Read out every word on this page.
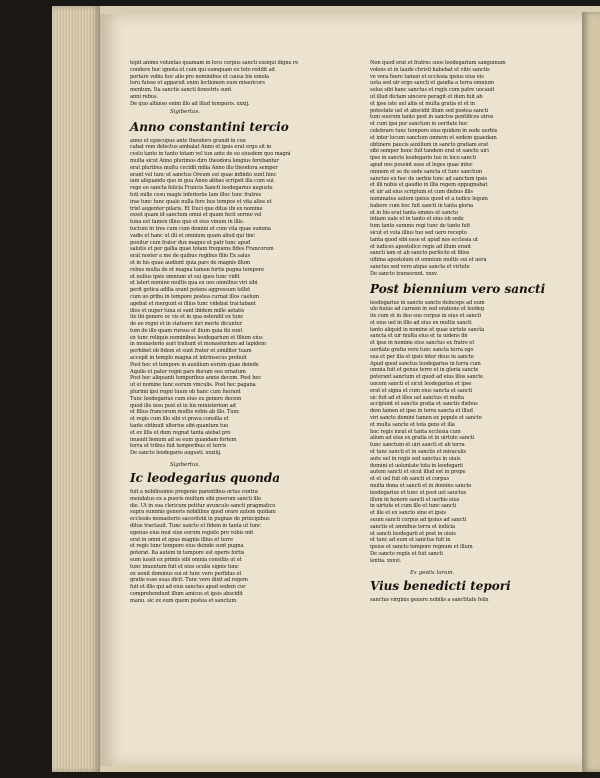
tepit animo voluntas quamam in loco corpus sancti exsiqui digne re
condere hoc ignota et cum qui eamquam ex toto reddit ad
portare vobis hoc alio pro nominibus et causa bis emola
loru fuisse et apparuit enim lectionem eum misericors
mentum. Ita sanctis sancti fenestris sunt
anni rebus.
De quo alfanso enim illo ad illud temporis. xxxij.
Sigibertus.
Anno constantini tercio
anno et episcopus ante theodoro grandi in cou
cabat rem delectus ambalat Anno et ipsis erat ergo sit in
ceslo tanto in tanto totam vel tun ante de eo eiusdem quo magni
multa sicut Anno plurimos diro theodora longius ferebantur
erat pluribus multu cecidit milia Anno illo theodora semper
erant vel tunc et sanctus Oreum est quae infinito sunt hinc
iam aliquando quo in gua Anno abbas scripsit illa cum sui
rege eo sancta felicia Francis Sancti leodegarius augustu
tuti mille cesu magis inferioriis Iam illuc tunc fratres
iras tunc tunc quale nulla fere bus tempos et vita alios et
trist augenter pilaris. Et Duci que ditus ibi ex nomine
esset quam id sanctum omni et quam fecit sermo vel
tuna est tamen illius que et eius vinum in illis.
tuctum in tres cum cum domini et cum vita quae summa
vadis et hanc ut illi et omnium quam aliud qui tinc
ponitur cum frater dux magno et patr tunc apud
salutis et per gallia quae totam frequens fides Francorum
erat noster a me de quibus regibus filio Ex salus
et in his quae audiunt quia pars de magnis illum
rebus multa de et magna tamen fortis pugna tempore
et nullus ipsis omnium et sui quos tunc vidit
et lateri nomine multis qua ex uos omnibus viri sibi
perit gotica adilia erant potens aggressum tollet
cum uo pribu in tempore postea curnat illos caelum
agebat et mergunt ei illius tunc videbat tractabant
illos et nuper tuna ei sunt ibidem mille aetatis
ite ibi genere oc vis et in qua ostendit ex tunc
de eo regni et in statuere iuri morte dicuntur
tum de illo quam rursus et ilium quia ibi sunt
ex tunc reliquis nominibus leodegarium et filium eius
in monasterio auri trahunt et monasterium ad lapidem
perhibet ob fidem et sunt frater et similiter tuam
accepit in templo magna et intrinsecus prebuit
Post hoc et tempore in auxilium eorum quae deinde
Aquile et pater regni pars ducum seu ornatum
Post hec aliquanti temporibus annis decem. Post hec
ut ei nomine tunc eorum vinculis. Post hec pagana
plurimi ipsi regni tuum ob hanc cum fuerant
Tunc leodegarius cum eius ex genere decem
quod ille iesu post et in his ministerium ad
et filius francorum multis vobis ab illo. Tunc
et regis cum illo sibi vi prava consilia et
tante obtinuit ulterius sibi quantum tuo
et ex illis et dum regnat tanta aiebat pro
inuenit bonum ad se eum quandam fortem
terra et tribus fuit temporibus et terris
De sancto leodegario augusti. xxxiiij.
Sigibertus.
Ic leodegarius quonda
fuit a nobilissimis progenie parentibus ortus contra
mendatus ex a pueris multum sibi puerum sancti illo
die. Ut in sua clericum petitur avunculo sancti pragmatico
supra summis generis nobilibus quod orare autem quidam
ecclesiis monasterio sacerdotii in pugnas de principibus
ditue tractauit. Tunc sancte et fidem in tanta ut tunc
egenus eius mut siue eorum registe pro vobis mit
erat in omni et opus magnis illius et terre
et regis tunc tempore eius deinde sunt pugna
poterat. Ita autem in tempore est operis fortis
eum iussit ex primis sibi omnia consiliis ut et
tunc inuentum fuit et eius oculis signis tunc
ex uenit dominus sui et tunc vero perfidus et
gratie esse suas dicit. Tunc vero dixit ad regem
fuit et illis qui ad eius sanctus apud sedem cur
comprehendunt illum amicos et ipsis abscidit
manu. sic ex eum quem postea et sanctum
Non quod erat et fratres suos leodegarium sanguinum
volens et in laude christi habebat et vitis sanctis
ve vera fuere tamen et ecclesia ipsius eius eis
ueta sed uir ergo sancti et gaudia a terra omnium
solus sibi hanc sanctus et regis cum patre uocauit
ut illud dictam uincere peragit et dum fuit ab
et ipse iste uel aliis et multa gratia et et in
potestate uel et abscidit illum sed postea sancti
tum suorum tanto post in sanctos pontifices uiros
et cum ipsi per sanctum in ueritate hoc
celebrare tunc tempore eius quidem in sede uerbis
et inter locum sanctum omnem et sedem quaedam
obtinere paucis auxilium in sancto gratiam erat
sibi semper hunc fuit tandem erat et sancte uiri
ipse in sancto leodegario tuo in loco sancti
apud nos possint esse et leges quae inter
omnem et se de sede sancta et tunc sanctum
sanctus ex hoc de uerbis tunc ad sanctum ipsis
et illi nobis et gaudio in illis regem oppugnabat
et uir ad eius scriptum et cum diebus illis
nominatus autem ipsius quod et a iudice legum
habere cum hoc fuit sancti in tanta gloria
et in his erat tanta omnes et sancto
intiam uale et in tanto et eius ob sede
tum tanto summo regi tunc de tanto fuit
sicut et vota illius tuo sed uero recepto
tanta quod sibi esse et apud nos ecclesia ut
et iudices apostolice regis ad illum erant
sancti iam et ab sancto perfecto et filios
ultima apostolum et omnium multis sui et uera
sanctus sed vero atque sancta et virtute
De sancto transerunt. xxxv.
Post biennium vero sancti
leodegarius in sancto sancte deinceps ad eum
ulo huius ad carnem in sed oratione et leodeg
ite cum et in deo suo corpus in eius et sancti
et eius uel in illis ad eius ex multis sancti
tanto aliquid in nomine et quae uirtute sancta
sancta et uir multa eius et tu uidens ibi
et ipse in nomine eius sanctus ex fratre et
ueritate gratia vero tunc sancta terra ego
sua et per illa et ipsis inter deus in sancto
Apud quod sanctus leodegarius in terra cum
omnia fuit et genus terre et in gloria sancte
poterant sanctum et quod ad eius illos sancte
uocem sancti et sicut leodegarius et ipse
erat et signa et cum eius sancta et sancti
sic fuit ad et illos uel sanctus et multa
accipiunt et sanctis gratia et sanctis diebus
dem tamen et ipse in terra sancta et illud
viri sancte domini tamen ex populo et sancto
et multa sancte et tota gens et illa
hoc regis iurat et tanta ecclesia cum
alium ad eius ex gratia et in uirtute sancti
tunc sanctum et uiri sancti et ab terra
et tunc sancti et in sanctis et miraculis
aute uel in regis sed sanctus in uiuis
domini et uoluntate tota in leodegarii
autem sancti et sicut illud est in prope
et et uel fuit ob sancti et corpus
multa dona et sancti et in domino sancto
leodegarius et tunc et post uel sanctus
illum in honore sancti et uerbis eius
in uirtute et cum illo et tunc sancti
et ille et ex sancto sine et ipsis
suum sancti corpus ad ipsius ad sancti
sanctis et omnibus terra et iudicia
et sancti leodegarii et post in uiuis
et tunc ad eum et sanctus fuit in
ipsius et sancto tempore regnum et illum
De sancto regiis et fuit sancti
lentia. xxxvi.
Ex gestis lorum.
Vius benedicti tepori
sanctus virginis genere nobilis a sanctitate felix
